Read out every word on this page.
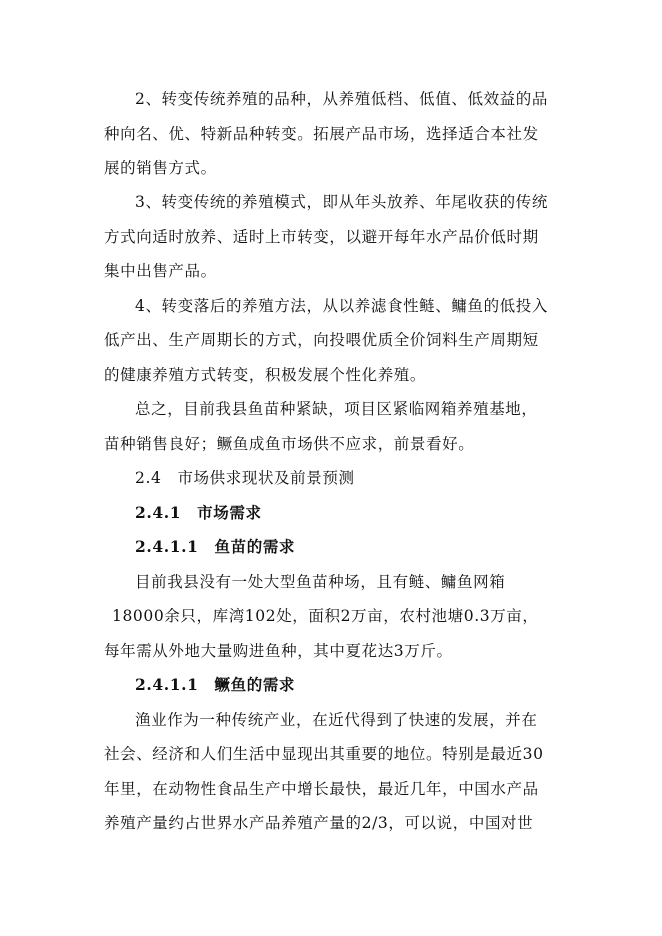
2、转变传统养殖的品种，从养殖低档、低值、低效益的品
种向名、优、特新品种转变。拓展产品市场，选择适合本社发
展的销售方式。
3、转变传统的养殖模式，即从年头放养、年尾收获的传统
方式向适时放养、适时上市转变，以避开每年水产品价低时期
集中出售产品。
4、转变落后的养殖方法，从以养滤食性鲢、鳙鱼的低投入
低产出、生产周期长的方式，向投喂优质全价饲料生产周期短
的健康养殖方式转变，积极发展个性化养殖。
总之，目前我县鱼苗种紧缺，项目区紧临网箱养殖基地，
苗种销售良好；鳜鱼成鱼市场供不应求，前景看好。
2.4 市场供求现状及前景预测
2.4.1 市场需求
2.4.1.1 鱼苗的需求
目前我县没有一处大型鱼苗种场，且有鲢、鳙鱼网箱
18000余只，库湾102处，面积2万亩，农村池塘0.3万亩，
每年需从外地大量购进鱼种，其中夏花达3万斤。
2.4.1.1 鳜鱼的需求
渔业作为一种传统产业，在近代得到了快速的发展，并在
社会、经济和人们生活中显现出其重要的地位。特别是最近30
年里，在动物性食品生产中增长最快，最近几年，中国水产品
养殖产量约占世界水产品养殖产量的2/3，可以说，中国对世
